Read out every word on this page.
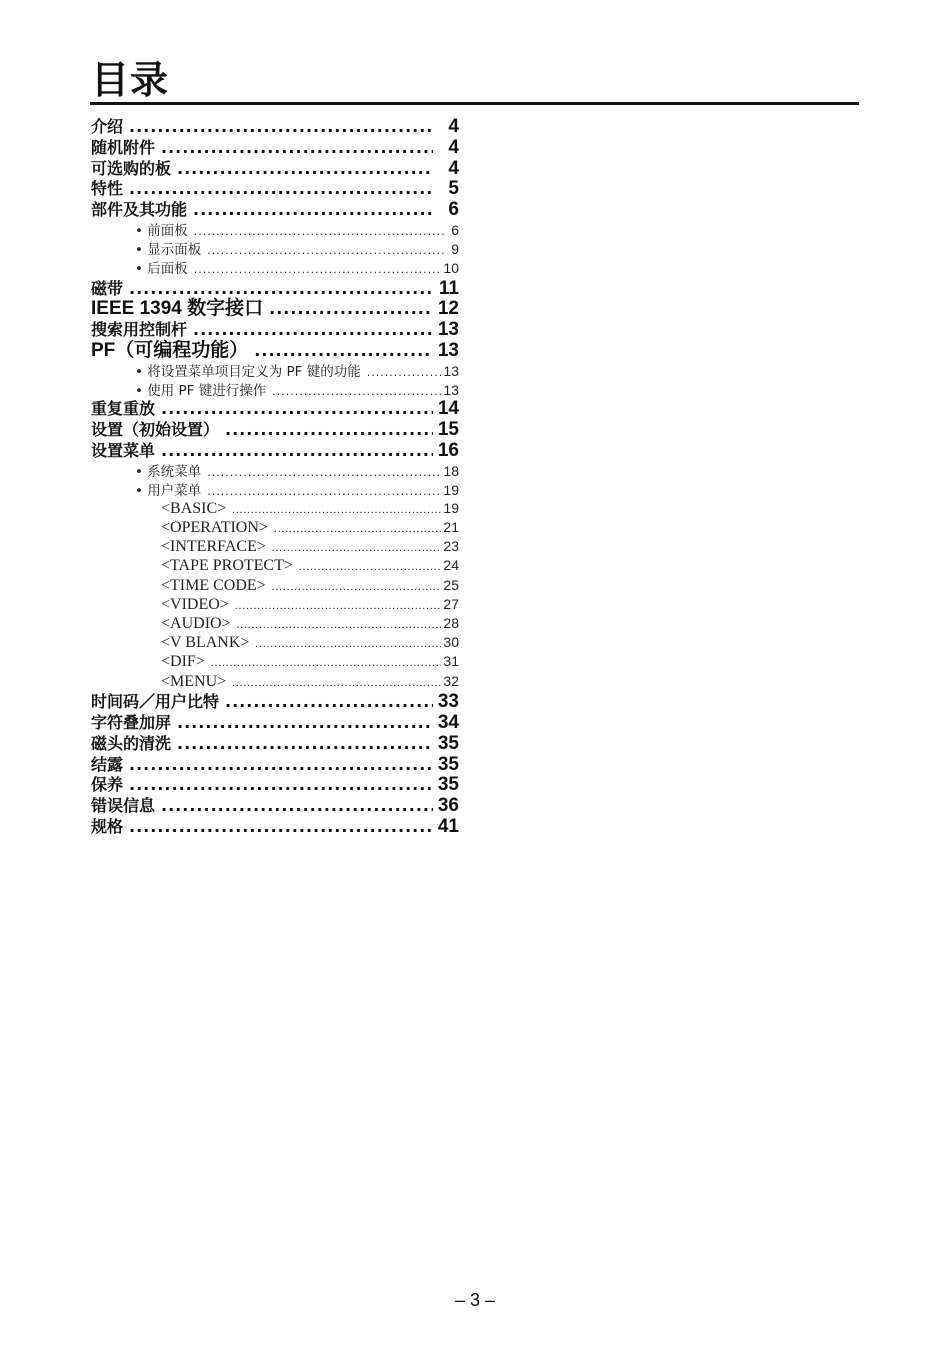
目录
介绍 .....	4
随机附件 .....	4
可选购的板 .....	4
特性 .....	5
部件及其功能 .....	6
• 前面板 .....	6
• 显示面板 .....	9
• 后面板 .....	10
磁带 .....	11
IEEE 1394 数字接口 .....	12
搜索用控制杆 .....	13
PF（可编程功能） .....	13
• 将设置菜单项目定义为 PF 键的功能 .....	13
• 使用 PF 键进行操作 .....	13
重复重放 .....	14
设置（初始设置） .....	15
设置菜单 .....	16
• 系统菜单 .....	18
• 用户菜单 .....	19
<BASIC> .....	19
<OPERATION> .....	21
<INTERFACE> .....	23
<TAPE PROTECT> .....	24
<TIME CODE> .....	25
<VIDEO> .....	27
<AUDIO> .....	28
<V BLANK> .....	30
<DIF> .....	31
<MENU> .....	32
时间码／用户比特 .....	33
字符叠加屏 .....	34
磁头的清洗 .....	35
结露 .....	35
保养 .....	35
错误信息 .....	36
规格 .....	41
– 3 –
